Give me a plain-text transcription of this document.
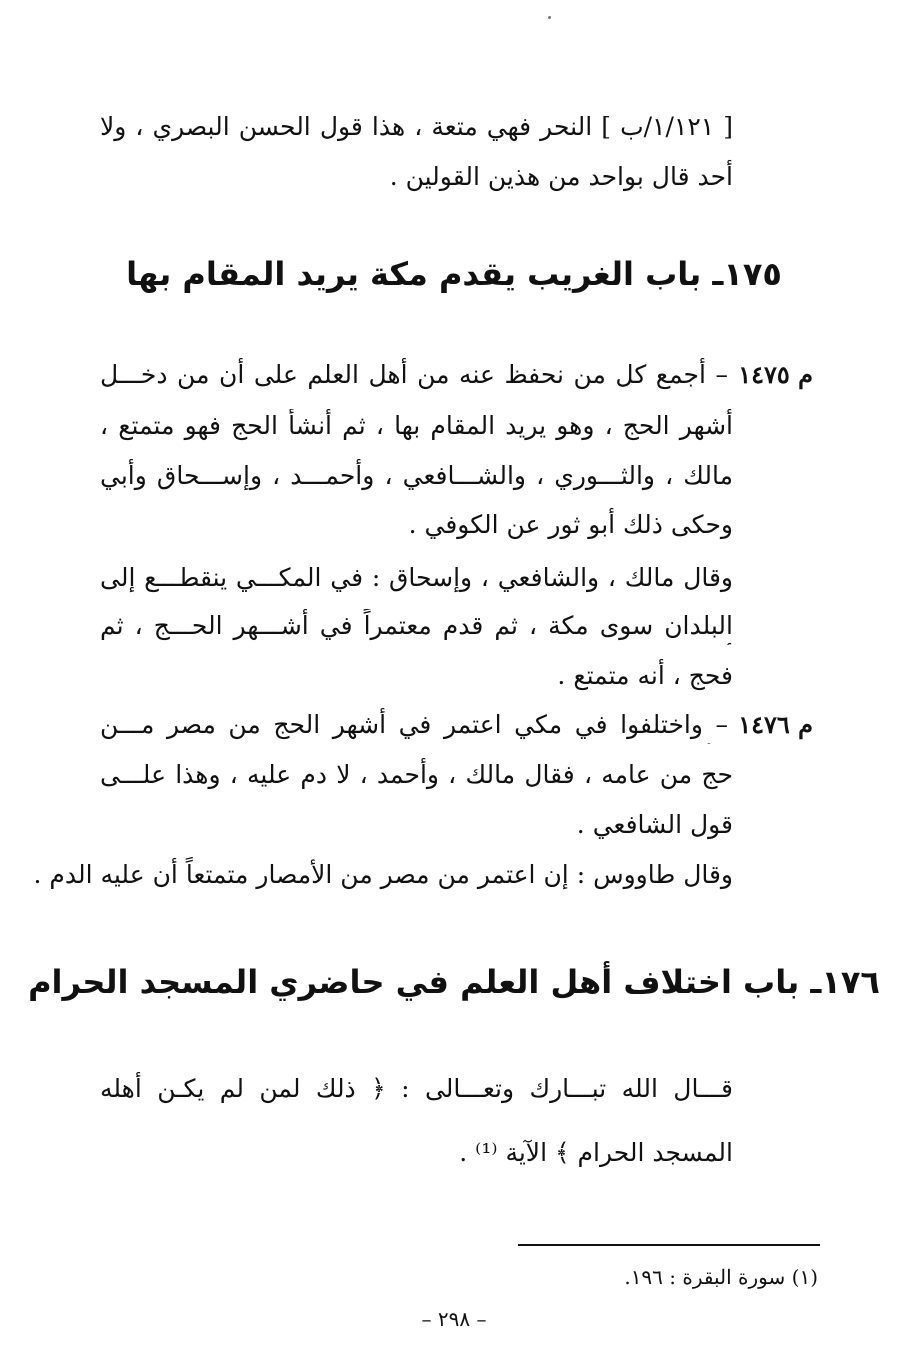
[ ١/١٢١/ب ] النحر فهي متعة ، هذا قول الحسن البصري ، ولا
أحد قال بواحد من هذين القولين .
١٧٥ـ باب الغريب يقدم مكة يريد المقام بها
م ١٤٧٥
– أجمع كل من نحفظ عنه من أهل العلم على أن من دخـــل
أشهر الحج ، وهو يريد المقام بها ، ثم أنشأ الحج فهو متمتع ،
مالك ، والثـــوري ، والشـــافعي ، وأحمـــد ، وإســـحاق وأبي
وحكى ذلك أبو ثور عن الكوفي .
وقال مالك ، والشافعي ، وإسحاق : في المكـــي ينقطـــع إلى
البلدان سوى مكة ، ثم قدم معتمراً في أشـــهر الحـــج ، ثم
فحج ، أنه متمتع .
م ١٤٧٦
– واختلفوا في مكي اعتمر في أشهر الحج من مصر مـــن
حج من عامه ، فقال مالك ، وأحمد ، لا دم عليه ، وهذا علـــى
قول الشافعي .
وقال طاووس : إن اعتمر من مصر من الأمصار متمتعاً أن عليه الدم .
١٧٦ـ باب اختلاف أهل العلم في حاضري المسجد الحرام
قـــال الله تبـــارك وتعـــالى : ﴿ ذلك لمن لم يكـن أهله
المسجد الحرام ﴾ الآية ⁽¹⁾ .
(١) سورة البقرة : ١٩٦.
– ٢٩٨ –
